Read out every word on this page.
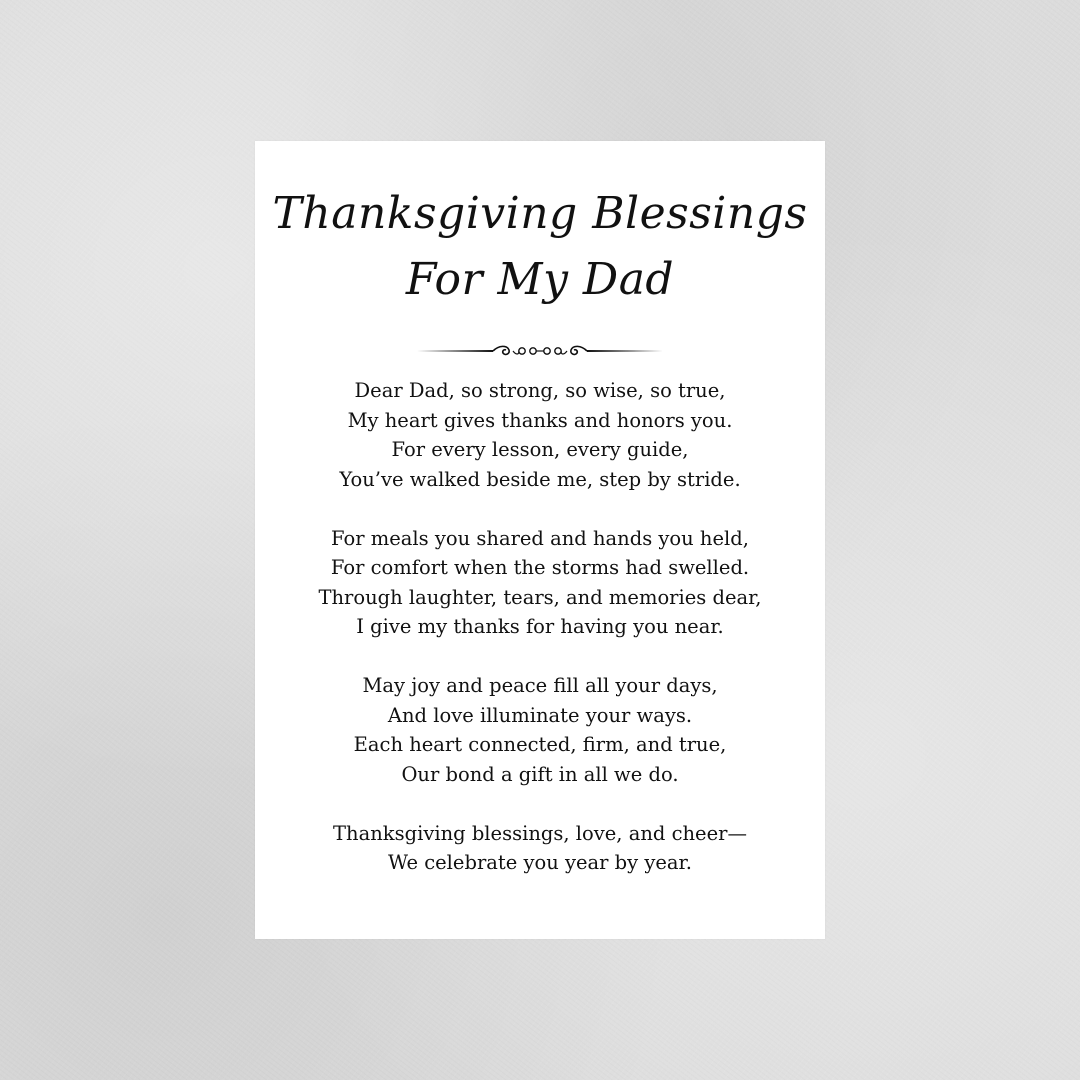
Thanksgiving Blessings
For My Dad
Dear Dad, so strong, so wise, so true,
My heart gives thanks and honors you.
For every lesson, every guide,
You’ve walked beside me, step by stride.
For meals you shared and hands you held,
For comfort when the storms had swelled.
Through laughter, tears, and memories dear,
I give my thanks for having you near.
May joy and peace fill all your days,
And love illuminate your ways.
Each heart connected, firm, and true,
Our bond a gift in all we do.
Thanksgiving blessings, love, and cheer—
We celebrate you year by year.
